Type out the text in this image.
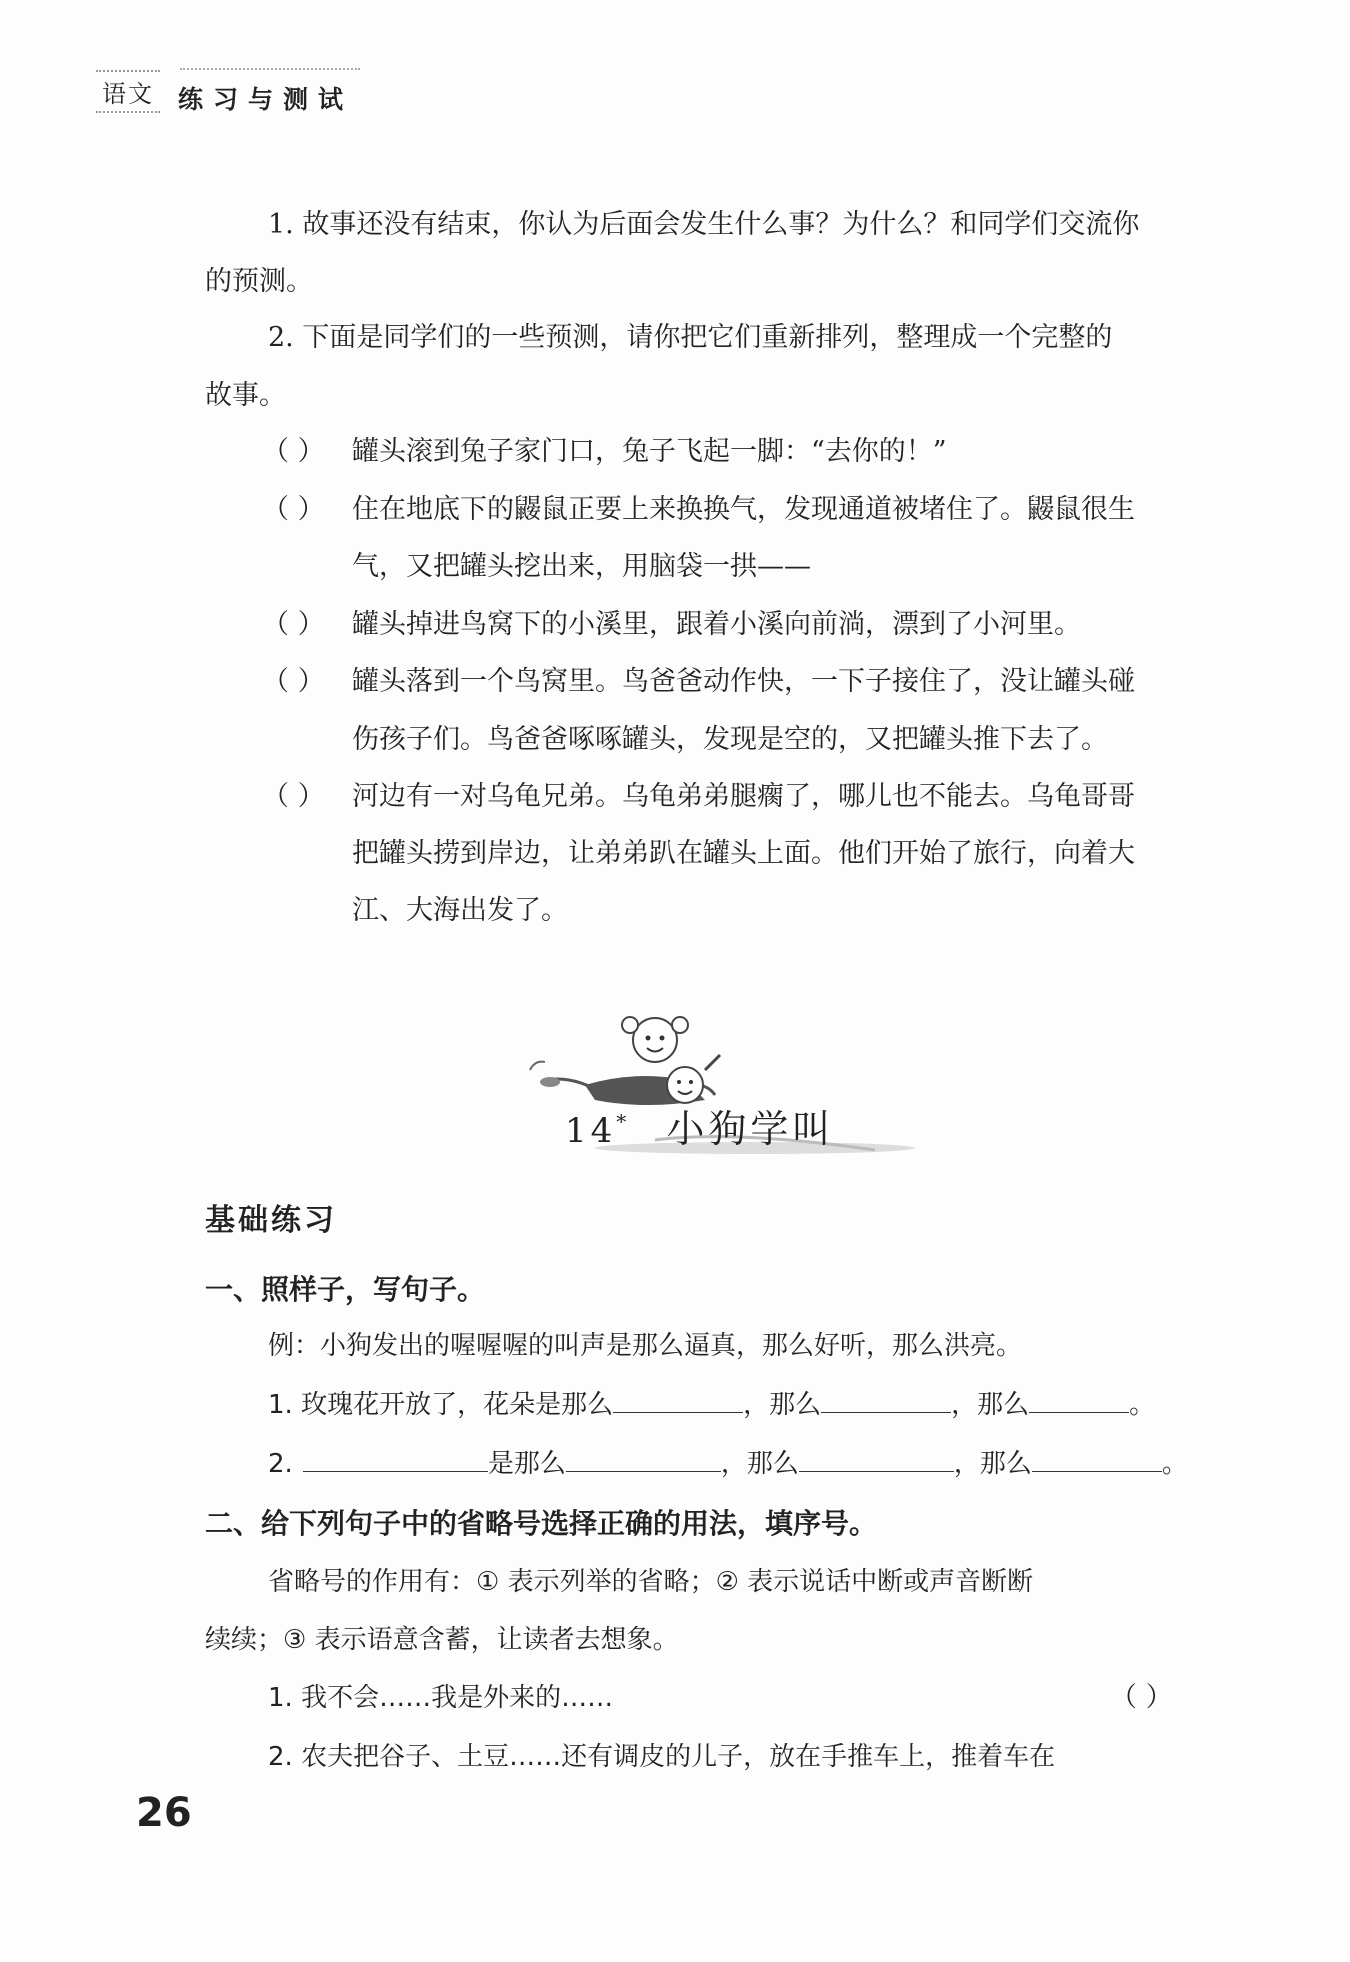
语文 练习与测试
1. 故事还没有结束，你认为后面会发生什么事？为什么？和同学们交流你
的预测。
2. 下面是同学们的一些预测，请你把它们重新排列，整理成一个完整的
故事。
（ ） 罐头滚到兔子家门口，兔子飞起一脚：“去你的！”
（ ） 住在地底下的鼹鼠正要上来换换气，发现通道被堵住了。鼹鼠很生
气，又把罐头挖出来，用脑袋一拱——
（ ） 罐头掉进鸟窝下的小溪里，跟着小溪向前淌，漂到了小河里。
（ ） 罐头落到一个鸟窝里。鸟爸爸动作快，一下子接住了，没让罐头碰
伤孩子们。鸟爸爸啄啄罐头，发现是空的，又把罐头推下去了。
（ ） 河边有一对乌龟兄弟。乌龟弟弟腿瘸了，哪儿也不能去。乌龟哥哥
把罐头捞到岸边，让弟弟趴在罐头上面。他们开始了旅行，向着大
江、大海出发了。
14* 小狗学叫
基础练习
一、照样子，写句子。
例：小狗发出的喔喔喔的叫声是那么逼真，那么好听，那么洪亮。
1. 玫瑰花开放了，花朵是那么	，那么	，那么	。
2.	是那么	，那么	，那么	。
二、给下列句子中的省略号选择正确的用法，填序号。
省略号的作用有：① 表示列举的省略；② 表示说话中断或声音断断
续续；③ 表示语意含蓄，让读者去想象。
1. 我不会……我是外来的……	（ ）
2. 农夫把谷子、土豆……还有调皮的儿子，放在手推车上，推着车在
26
